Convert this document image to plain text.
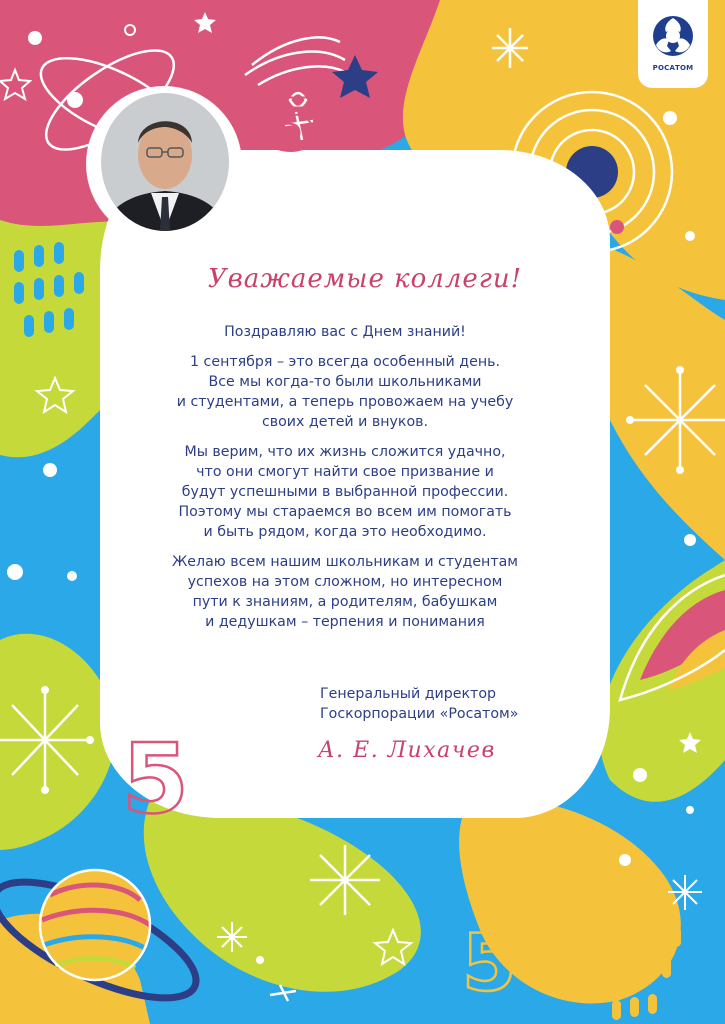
5
5
5
РОСАТОМ
Уважаемые коллеги!

Поздравляю вас с Днем знаний!

1 сентября – это всегда особенный день.
Все мы когда-то были школьниками
и студентами, а теперь провожаем на учебу
своих детей и внуков.

Мы верим, что их жизнь сложится удачно,
что они смогут найти свое призвание и
будут успешными в выбранной профессии.
Поэтому мы стараемся во всем им помогать
и быть рядом, когда это необходимо.

Желаю всем нашим школьникам и студентам
успехов на этом сложном, но интересном
пути к знаниям, а родителям, бабушкам
и дедушкам – терпения и понимания

Генеральный директор
Госкорпорации «Росатом»
А. Е. Лихачев
